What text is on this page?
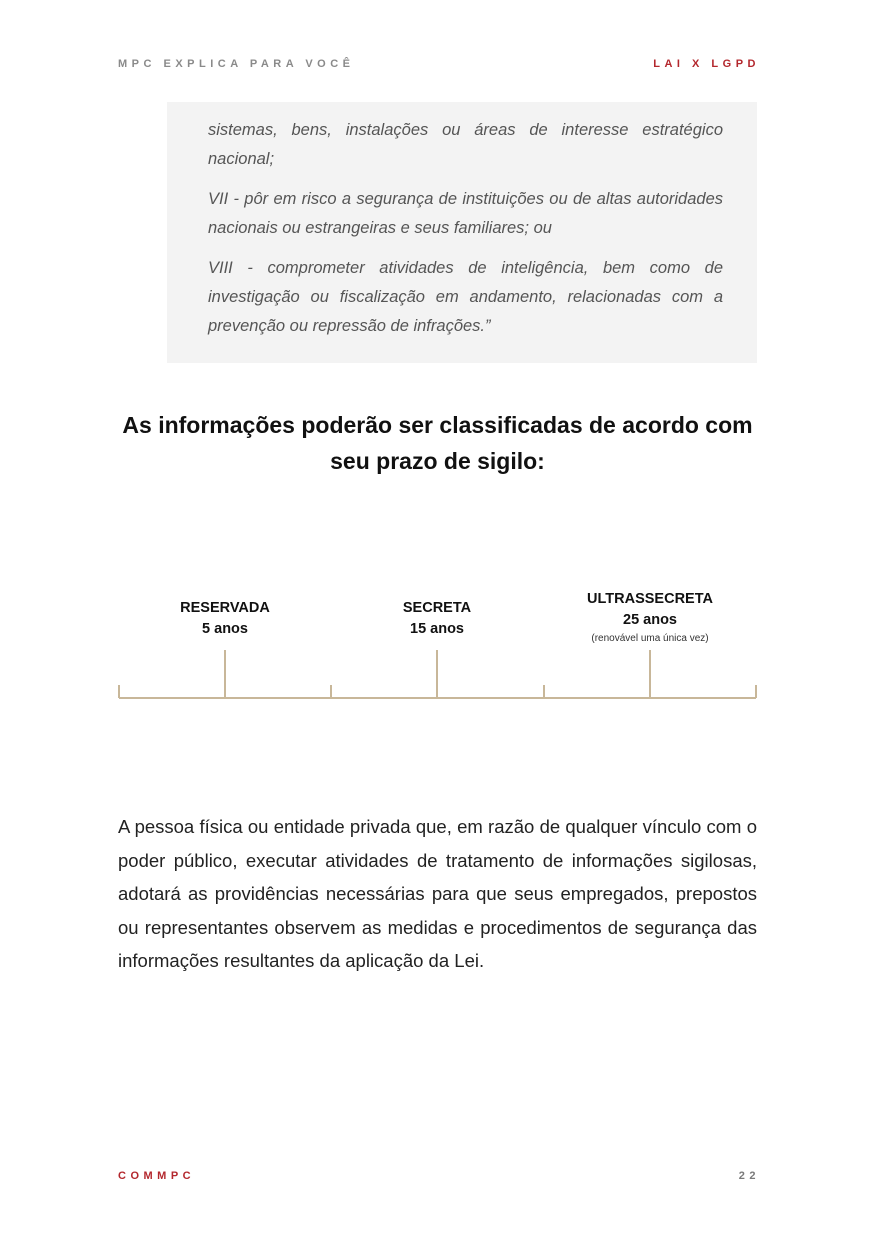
MPC EXPLICA PARA VOCÊ	LAI X LGPD

sistemas, bens, instalações ou áreas de interesse estratégico nacional;

VII - pôr em risco a segurança de instituições ou de altas autoridades nacionais ou estrangeiras e seus familiares; ou

VIII - comprometer atividades de inteligência, bem como de investigação ou fiscalização em andamento, relacionadas com a prevenção ou repressão de infrações.”

As informações poderão ser classificadas de acordo com seu prazo de sigilo:
RESERVADA
5 anos
SECRETA
15 anos
ULTRASSECRETA
25 anos
(renovável uma única vez)

A pessoa física ou entidade privada que, em razão de qualquer vínculo com o poder público, executar atividades de tratamento de informações sigilosas, adotará as providências necessárias para que seus empregados, prepostos ou representantes observem as medidas e procedimentos de segurança das informações resultantes da aplicação da Lei.

COMMPC	22
